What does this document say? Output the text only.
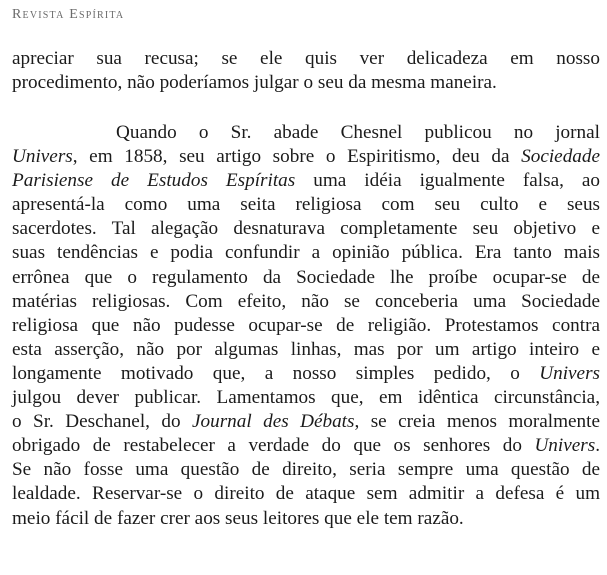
Revista Espírita
apreciar sua recusa; se ele quis ver delicadeza em nosso
procedimento, não poderíamos julgar o seu da mesma maneira.
Quando o Sr. abade Chesnel publicou no jornal
Univers, em 1858, seu artigo sobre o Espiritismo, deu da Sociedade
Parisiense de Estudos Espíritas uma idéia igualmente falsa, ao
apresentá-la como uma seita religiosa com seu culto e seus
sacerdotes. Tal alegação desnaturava completamente seu objetivo e
suas tendências e podia confundir a opinião pública. Era tanto mais
errônea que o regulamento da Sociedade lhe proíbe ocupar-se de
matérias religiosas. Com efeito, não se conceberia uma Sociedade
religiosa que não pudesse ocupar-se de religião. Protestamos contra
esta asserção, não por algumas linhas, mas por um artigo inteiro e
longamente motivado que, a nosso simples pedido, o Univers
julgou dever publicar. Lamentamos que, em idêntica circunstância,
o Sr. Deschanel, do Journal des Débats, se creia menos moralmente
obrigado de restabelecer a verdade do que os senhores do Univers.
Se não fosse uma questão de direito, seria sempre uma questão de
lealdade. Reservar-se o direito de ataque sem admitir a defesa é um
meio fácil de fazer crer aos seus leitores que ele tem razão.
